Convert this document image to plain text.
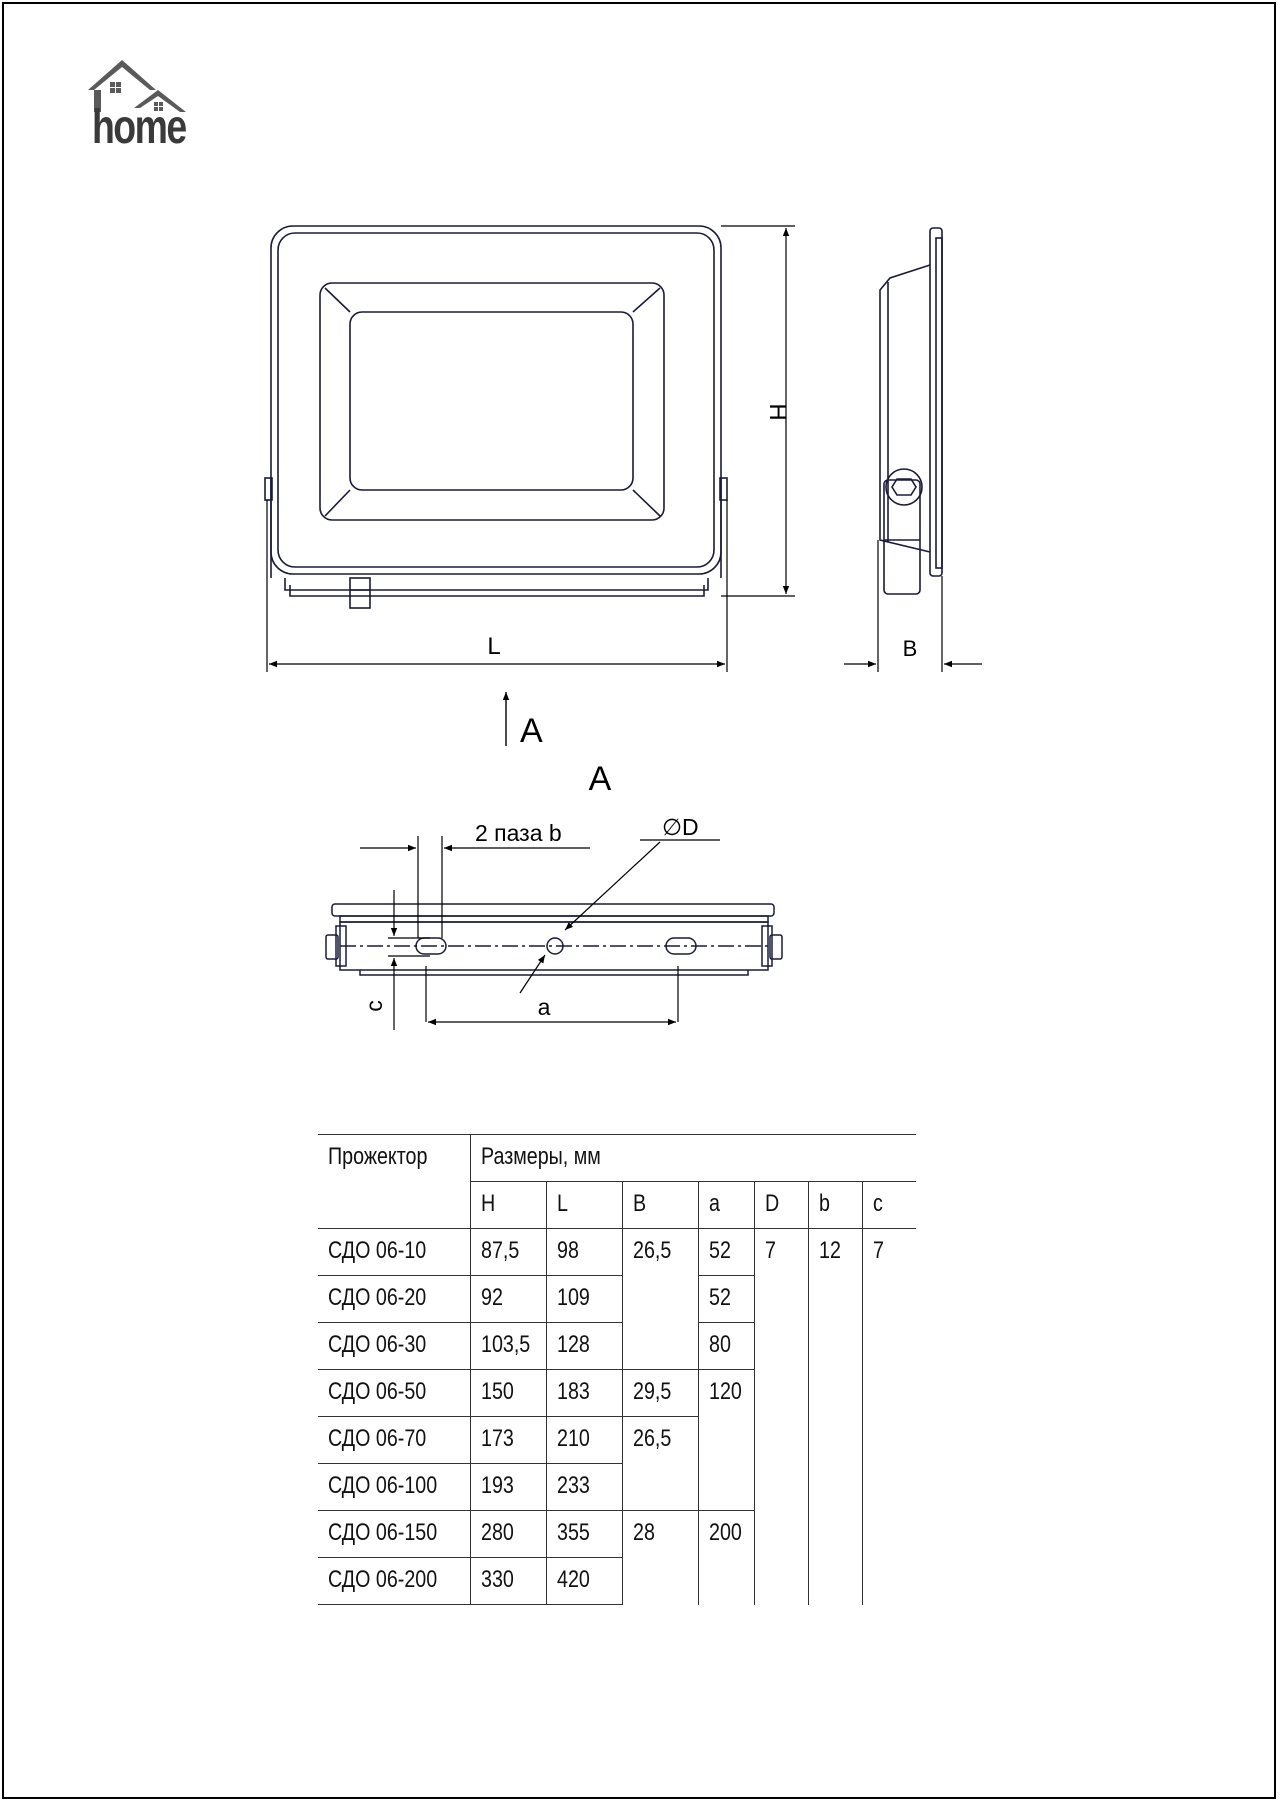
home
H
L	B
A
A
2 паза b	∅D
a
c
Прожектор	Размеры, мм						
	H	L	B	a	D	b	c
СДО 06-10	87,5	98	26,5	52	7	12	7
СДО 06-20	92	109		52			
СДО 06-30	103,5	128		80			
СДО 06-50	150	183	29,5	120			
СДО 06-70	173	210	26,5				
СДО 06-100	193	233					
СДО 06-150	280	355	28	200			
СДО 06-200	330	420					
